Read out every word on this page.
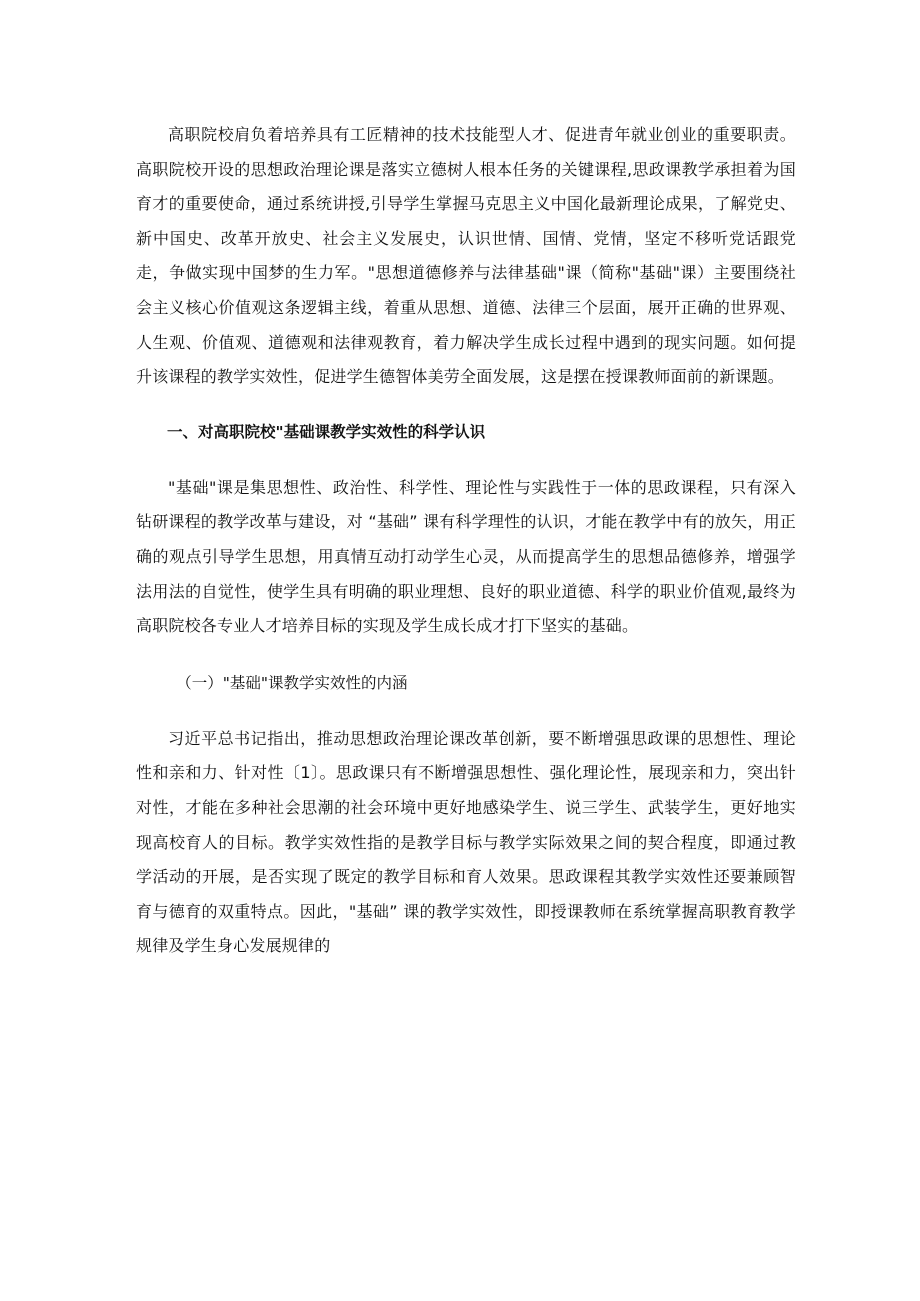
高职院校肩负着培养具有工匠精神的技术技能型人才、促进青年就业创业的重要职责。高职院校开设的思想政治理论课是落实立德树人根本任务的关键课程,思政课教学承担着为国育才的重要使命，通过系统讲授,引导学生掌握马克思主义中国化最新理论成果，了解党史、新中国史、改革开放史、社会主义发展史，认识世情、国情、党情，坚定不移听党话跟党走，争做实现中国梦的生力军。"思想道德修养与法律基础"课（简称"基础"课）主要围绕社会主义核心价值观这条逻辑主线，着重从思想、道德、法律三个层面，展开正确的世界观、人生观、价值观、道德观和法律观教育，着力解决学生成长过程中遇到的现实问题。如何提升该课程的教学实效性，促进学生德智体美劳全面发展，这是摆在授课教师面前的新课题。

一、对高职院校"基础课教学实效性的科学认识

"基础"课是集思想性、政治性、科学性、理论性与实践性于一体的思政课程，只有深入钻研课程的教学改革与建设，对 “基础” 课有科学理性的认识，才能在教学中有的放矢，用正确的观点引导学生思想，用真情互动打动学生心灵，从而提高学生的思想品德修养，增强学法用法的自觉性，使学生具有明确的职业理想、良好的职业道德、科学的职业价值观,最终为高职院校各专业人才培养目标的实现及学生成长成才打下坚实的基础。

（一）"基础"课教学实效性的内涵

习近平总书记指出，推动思想政治理论课改革创新，要不断增强思政课的思想性、理论性和亲和力、针对性〔1〕。思政课只有不断增强思想性、强化理论性，展现亲和力，突出针对性，才能在多种社会思潮的社会环境中更好地感染学生、说三学生、武装学生，更好地实现高校育人的目标。教学实效性指的是教学目标与教学实际效果之间的契合程度，即通过教学活动的开展，是否实现了既定的教学目标和育人效果。思政课程其教学实效性还要兼顾智育与德育的双重特点。因此，"基础” 课的教学实效性，即授课教师在系统掌握高职教育教学规律及学生身心发展规律的
